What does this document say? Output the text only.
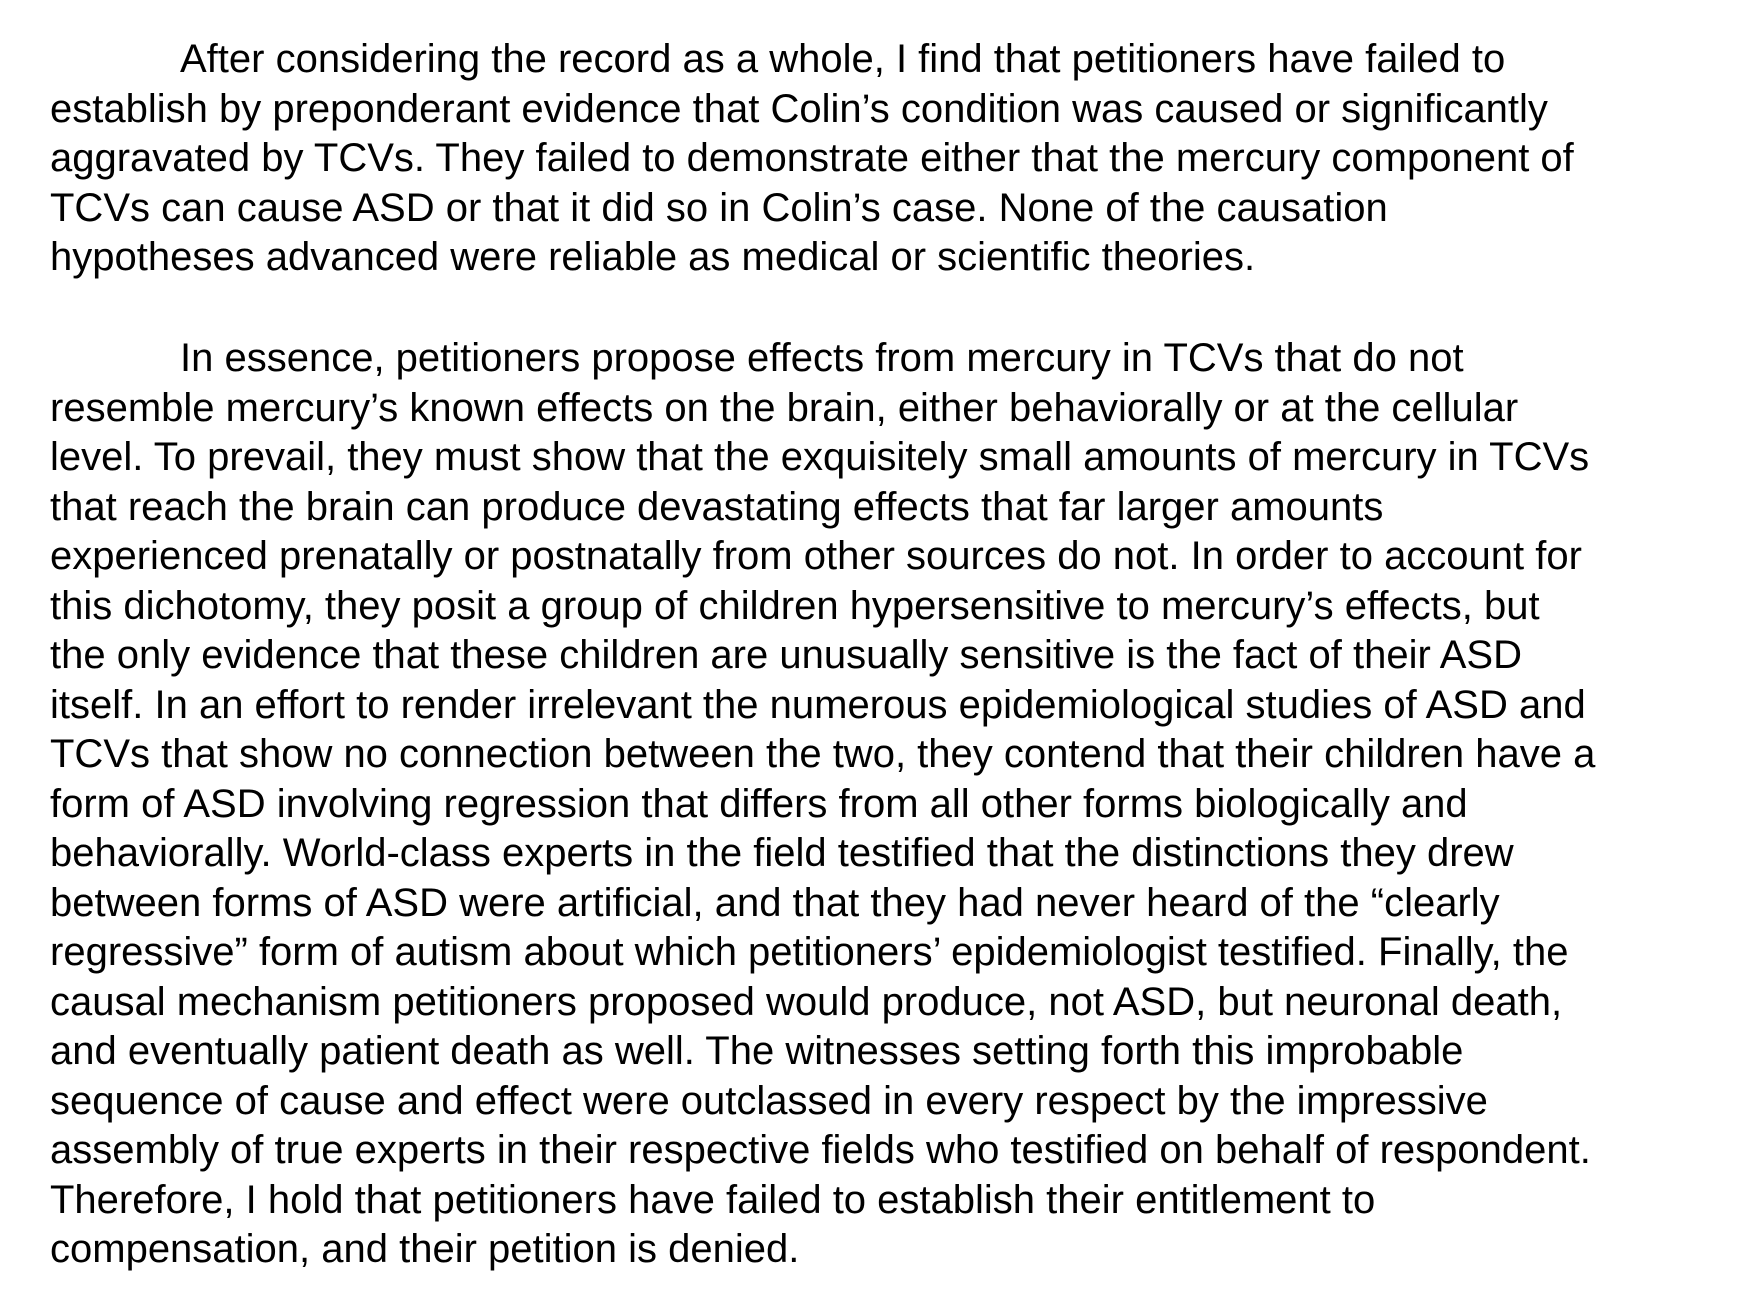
After considering the record as a whole, I find that petitioners have failed to
establish by preponderant evidence that Colin’s condition was caused or significantly
aggravated by TCVs. They failed to demonstrate either that the mercury component of
TCVs can cause ASD or that it did so in Colin’s case. None of the causation
hypotheses advanced were reliable as medical or scientific theories.
In essence, petitioners propose effects from mercury in TCVs that do not
resemble mercury’s known effects on the brain, either behaviorally or at the cellular
level. To prevail, they must show that the exquisitely small amounts of mercury in TCVs
that reach the brain can produce devastating effects that far larger amounts
experienced prenatally or postnatally from other sources do not. In order to account for
this dichotomy, they posit a group of children hypersensitive to mercury’s effects, but
the only evidence that these children are unusually sensitive is the fact of their ASD
itself. In an effort to render irrelevant the numerous epidemiological studies of ASD and
TCVs that show no connection between the two, they contend that their children have a
form of ASD involving regression that differs from all other forms biologically and
behaviorally. World-class experts in the field testified that the distinctions they drew
between forms of ASD were artificial, and that they had never heard of the “clearly
regressive” form of autism about which petitioners’ epidemiologist testified. Finally, the
causal mechanism petitioners proposed would produce, not ASD, but neuronal death,
and eventually patient death as well. The witnesses setting forth this improbable
sequence of cause and effect were outclassed in every respect by the impressive
assembly of true experts in their respective fields who testified on behalf of respondent.
Therefore, I hold that petitioners have failed to establish their entitlement to
compensation, and their petition is denied.
